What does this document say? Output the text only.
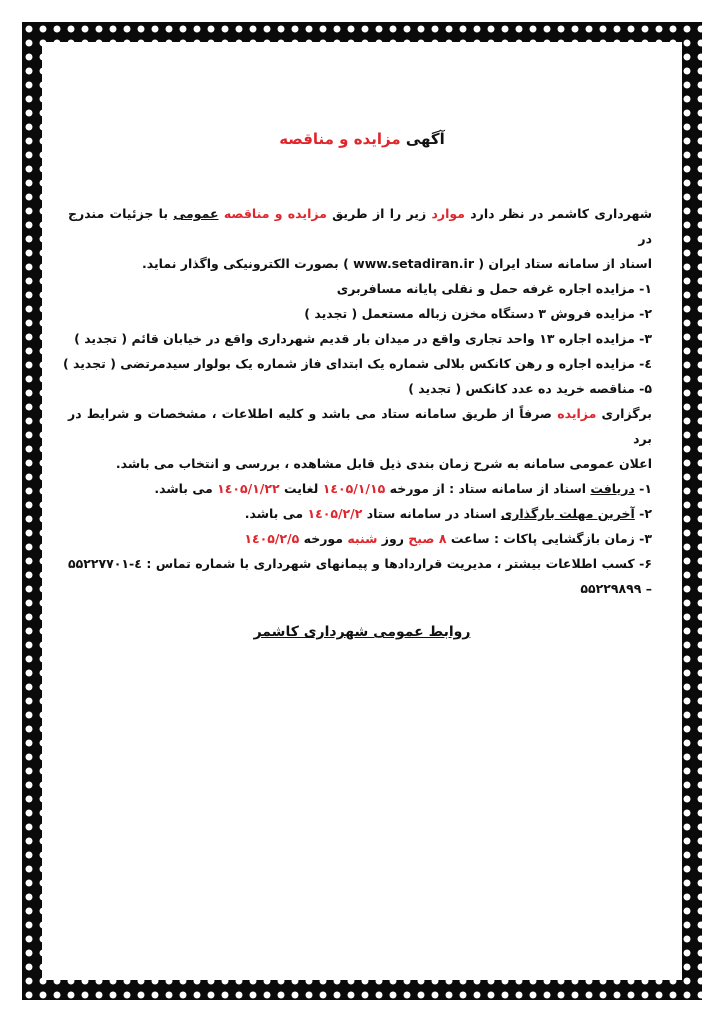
آگهی مزایده و مناقصه
شهرداری کاشمر در نظر دارد موارد زیر را از طریق مزایده و مناقصه عمومی با جزئیات مندرج در
اسناد از سامانه ستاد ایران ( www.setadiran.ir ) بصورت الکترونیکی واگذار نماید.
۱- مزایده اجاره غرفه حمل و نقلی پایانه مسافربری
۲- مزایده فروش ۳ دستگاه مخزن زباله مستعمل ( تجدید )
۳- مزایده اجاره ۱۳ واحد تجاری واقع در میدان بار قدیم شهرداری واقع در خیابان قائم ( تجدید )
٤- مزایده اجاره و رهن کانکس بلالی شماره یک ابتدای فاز شماره یک بولوار سیدمرتضی ( تجدید )
۵- مناقصه خرید ده عدد کانکس ( تجدید )
برگزاری مزایده صرفاً از طریق سامانه ستاد می باشد و کلیه اطلاعات ، مشخصات و شرایط در برد
اعلان عمومی سامانه به شرح زمان بندی ذیل قابل مشاهده ، بررسی و انتخاب می باشد.
۱- دریافت اسناد از سامانه ستاد : از مورخه ۱٤۰۵/۱/۱۵ لغایت ۱٤۰۵/۱/۲۲ می باشد.
۲- آخرین مهلت بارگذاری اسناد در سامانه ستاد ۱٤۰۵/۲/۲ می باشد.
۳- زمان بازگشایی پاکات : ساعت ۸ صبح روز شنبه مورخه ۱٤۰۵/۲/۵
۶- کسب اطلاعات بیشتر ، مدیریت قراردادها و پیمانهای شهرداری با شماره تماس : ٤-۵۵۲۲۷۷۰۱
– ۵۵۲۲۹۸۹۹
روابط عمومی شهرداری کاشمر
